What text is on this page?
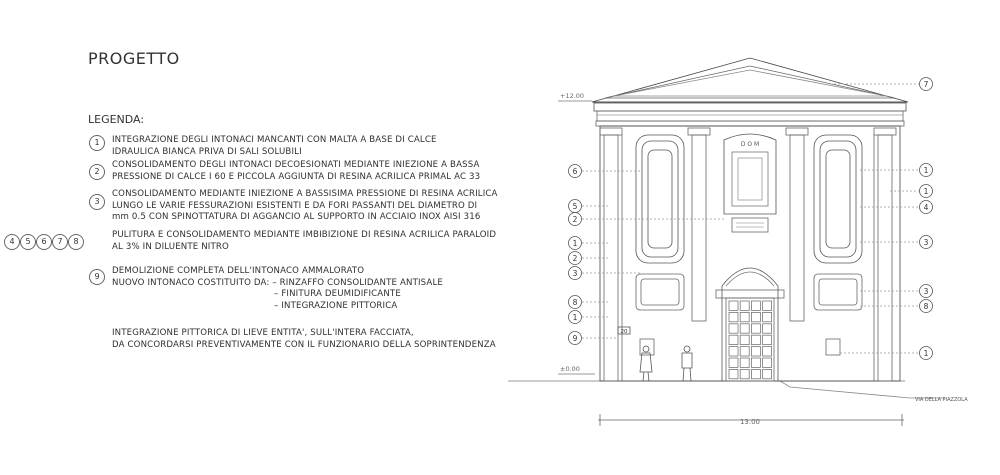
PROGETTO
LEGENDA:
1	INTEGRAZIONE DEGLI INTONACI MANCANTI CON MALTA A BASE DI CALCE
IDRAULICA BIANCA PRIVA DI SALI SOLUBILI
2
CONSOLIDAMENTO DEGLI INTONACI DECOESIONATI MEDIANTE INIEZIONE A BASSA
PRESSIONE DI CALCE I 60 E PICCOLA AGGIUNTA DI RESINA ACRILICA PRIMAL AC 33
3
CONSOLIDAMENTO MEDIANTE INIEZIONE A BASSISIMA PRESSIONE DI RESINA ACRILICA
LUNGO LE VARIE FESSURAZIONI ESISTENTI E DA FORI PASSANTI DEL DIAMETRO DI
mm 0.5 CON SPINOTTATURA DI AGGANCIO AL SUPPORTO IN ACCIAIO INOX AISI 316
4	5	6	7	8
PULITURA E CONSOLIDAMENTO MEDIANTE IMBIBIZIONE DI RESINA ACRILICA PARALOID
AL 3% IN DILUENTE NITRO
9
DEMOLIZIONE COMPLETA DELL'INTONACO AMMALORATO
NUOVO INTONACO COSTITUITO DA: – RINZAFFO CONSOLIDANTE ANTISALE
– FINITURA DEUMIDIFICANTE
– INTEGRAZIONE PITTORICA
INTEGRAZIONE PITTORICA DI LIEVE ENTITA', SULL'INTERA FACCIATA,
DA CONCORDARSI PREVENTIVAMENTE CON IL FUNZIONARIO DELLA SOPRINTENDENZA
+12.00
±0.00
D O M
20
13.00
VIA DELLA PIAZZOLA
6
5
2
1
2
3
8
1
9
7
1
1
4
3
3
8
1
